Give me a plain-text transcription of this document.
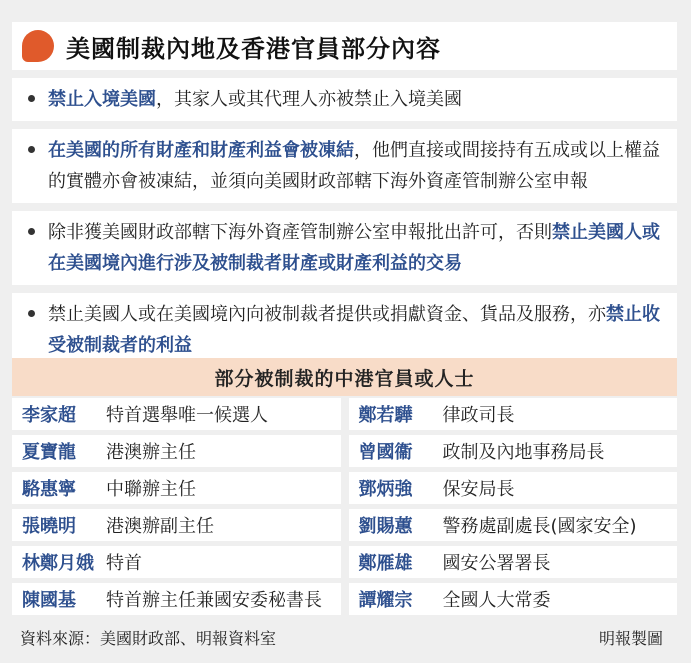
美國制裁內地及香港官員部分內容
禁止入境美國，其家人或其代理人亦被禁止入境美國
在美國的所有財產和財產利益會被凍結，他們直接或間接持有五成或以上權益的實體亦會被凍結，並須向美國財政部轄下海外資產管制辦公室申報
除非獲美國財政部轄下海外資產管制辦公室申報批出許可，否則禁止美國人或在美國境內進行涉及被制裁者財產或財產利益的交易
禁止美國人或在美國境內向被制裁者提供或捐獻資金、貨品及服務，亦禁止收受被制裁者的利益
部分被制裁的中港官員或人士
李家超	特首選舉唯一候選人	鄭若驊	律政司長
夏寶龍	港澳辦主任	曾國衞	政制及內地事務局長
駱惠寧	中聯辦主任	鄧炳強	保安局長
張曉明	港澳辦副主任	劉賜蕙	警務處副處長(國家安全)
林鄭月娥 特首	鄭雁雄	國安公署署長
陳國基	特首辦主任兼國安委秘書長	譚耀宗	全國人大常委
資料來源：美國財政部、明報資料室	明報製圖
